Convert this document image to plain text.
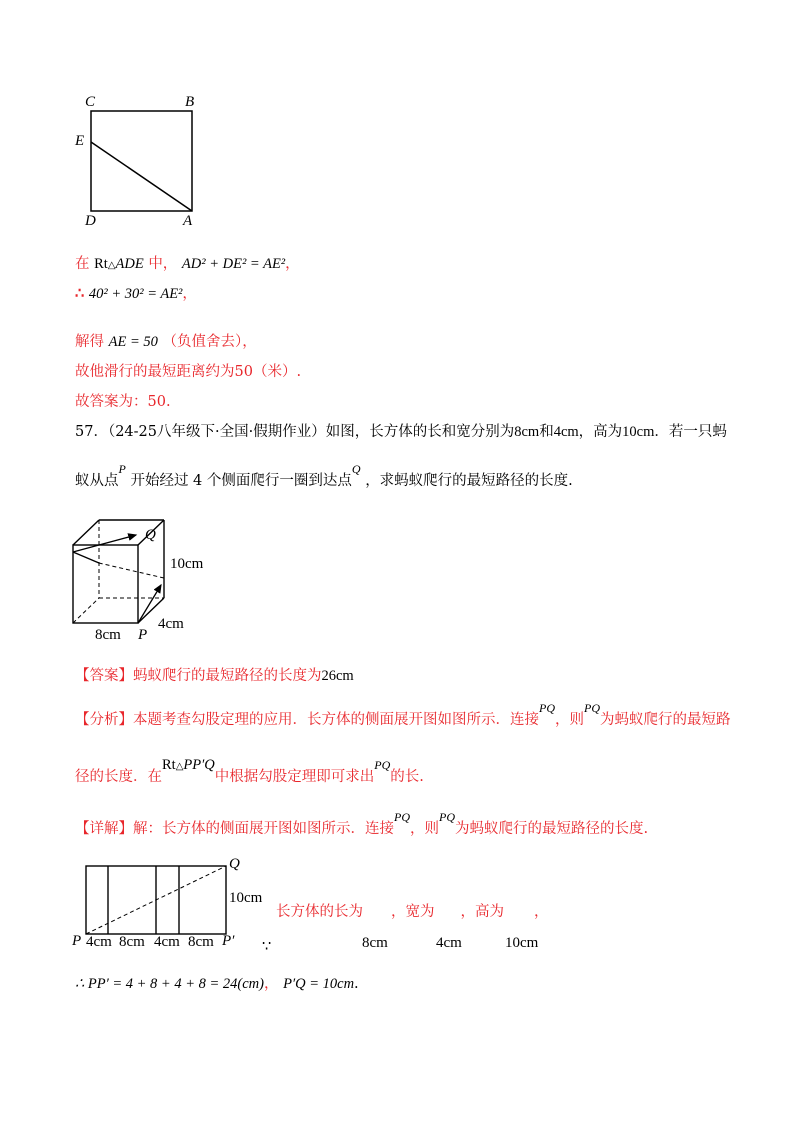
C	B
E
D	A
在 Rt△ADE 中， AD² + DE² = AE²，
∴ 40² + 30² = AE²，
解得 AE = 50 （负值舍去），
故他滑行的最短距离约为50（米）.
故答案为：50.
57．（24-25八年级下·全国·假期作业）如图，长方体的长和宽分别为8cm和4cm，高为10cm．若一只蚂
蚁从点$^P$ 开始经过 4 个侧面爬行一圈到达点$^Q$ ，求蚂蚁爬行的最短路径的长度.
Q
10cm
4cm
8cm P
【答案】蚂蚁爬行的最短路径的长度为26cm
【分析】本题考查勾股定理的应用．长方体的侧面展开图如图所示．连接$^{PQ}$，则$^{PQ}$为蚂蚁爬行的最短路
径的长度．在Rt△PP′Q中根据勾股定理即可求出$^{PQ}$的长.
【详解】解：长方体的侧面展开图如图所示．连接$^{PQ}$，则$^{PQ}$为蚂蚁爬行的最短路径的长度.
Q
10cm
P 4cm 8cm 4cm 8cm P′
长方体的长为 ，宽为 ，高为 ，
∵	8cm	4cm	10cm
∴ PP′ = 4 + 8 + 4 + 8 = 24(cm)， P′Q = 10cm.
